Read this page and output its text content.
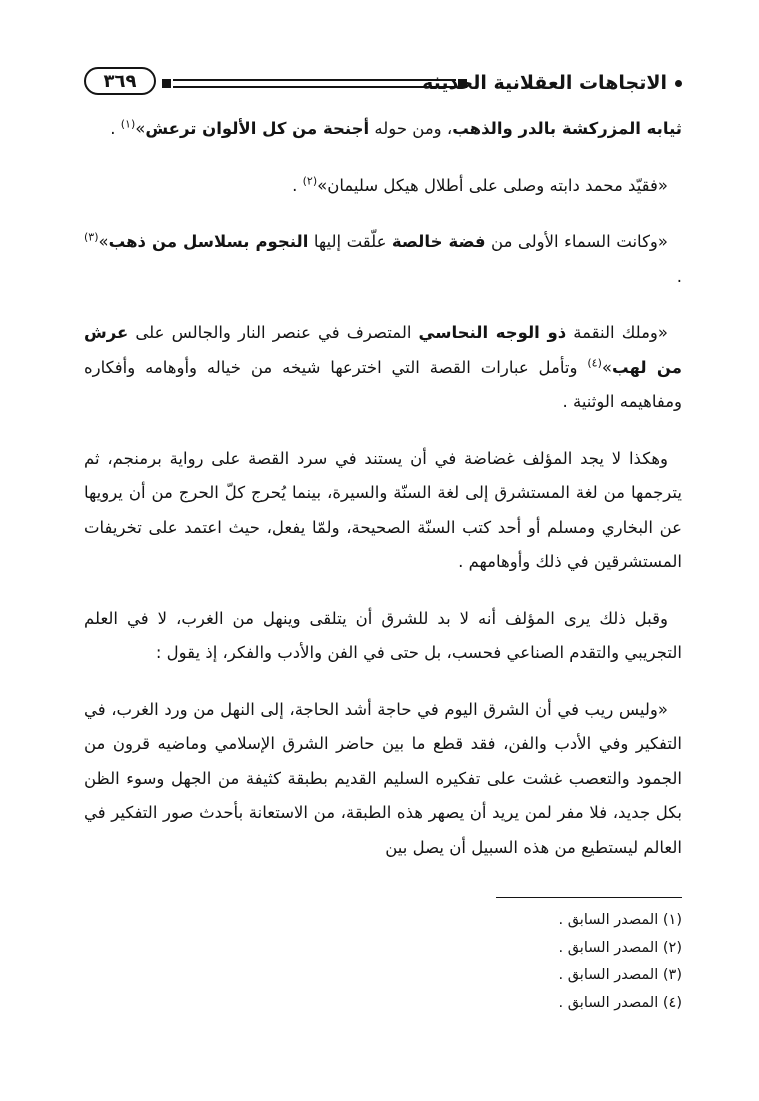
٣٦٩	الاتجاهات العقلانية الحديثة

ثيابه المزركشة بالدر والذهب، ومن حوله أجنحة من كل الألوان ترعش»$^{(١)}$ .

«فقيّد محمد دابته وصلى على أطلال هيكل سليمان»$^{(٢)}$ .

«وكانت السماء الأولى من فضة خالصة علّقت إليها النجوم بسلاسل من ذهب»$^{(٣)}$ .

«وملك النقمة ذو الوجه النحاسي المتصرف في عنصر النار والجالس على عرش من لهب»$^{(٤)}$ وتأمل عبارات القصة التي اخترعها شيخه من خياله وأوهامه وأفكاره ومفاهيمه الوثنية .

وهكذا لا يجد المؤلف غضاضة في أن يستند في سرد القصة على رواية برمنجم، ثم يترجمها من لغة المستشرق إلى لغة السنّة والسيرة، بينما يُحرج كلّ الحرج من أن يرويها عن البخاري ومسلم أو أحد كتب السنّة الصحيحة، ولمّا يفعل، حيث اعتمد على تخريفات المستشرقين في ذلك وأوهامهم .

وقبل ذلك يرى المؤلف أنه لا بد للشرق أن يتلقى وينهل من الغرب، لا في العلم التجريبي والتقدم الصناعي فحسب، بل حتى في الفن والأدب والفكر، إذ يقول :

«وليس ريب في أن الشرق اليوم في حاجة أشد الحاجة، إلى النهل من ورد الغرب، في التفكير وفي الأدب والفن، فقد قطع ما بين حاضر الشرق الإسلامي وماضيه قرون من الجمود والتعصب غشت على تفكيره السليم القديم بطبقة كثيفة من الجهل وسوء الظن بكل جديد، فلا مفر لمن يريد أن يصهر هذه الطبقة، من الاستعانة بأحدث صور التفكير في العالم ليستطيع من هذه السبيل أن يصل بين

(١) المصدر السابق .
(٢) المصدر السابق .
(٣) المصدر السابق .
(٤) المصدر السابق .
